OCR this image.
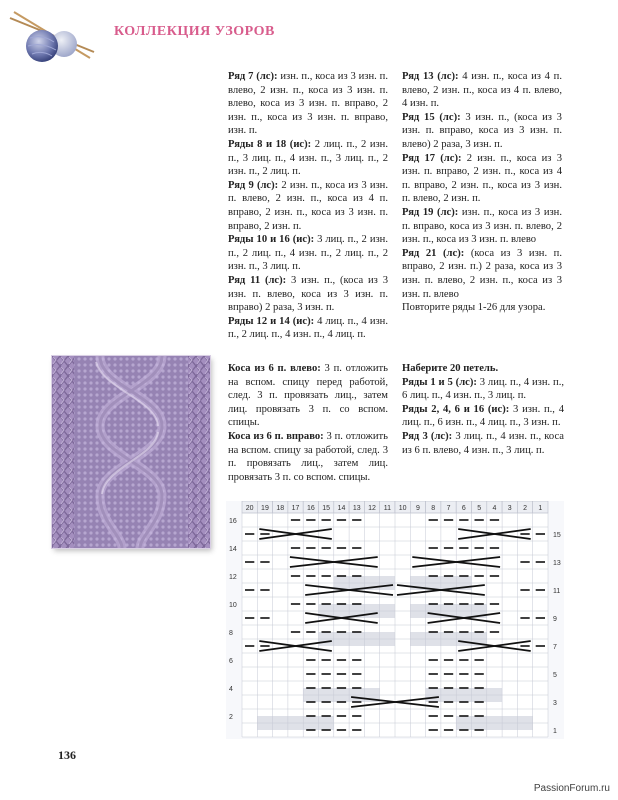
КОЛЛЕКЦИЯ УЗОРОВ

Ряд 7 (лс): изн. п., коса из 3 изн. п. влево, 2 изн. п., коса из 3 изн. п. влево, коса из 3 изн. п. вправо, 2 изн. п., коса из 3 изн. п. вправо, изн. п.

Ряды 8 и 18 (ис): 2 лиц. п., 2 изн. п., 3 лиц. п., 4 изн. п., 3 лиц. п., 2 изн. п., 2 лиц. п.

Ряд 9 (лс): 2 изн. п., коса из 3 изн. п. влево, 2 изн. п., коса из 4 п. вправо, 2 изн. п., коса из 3 изн. п. вправо, 2 изн. п.

Ряды 10 и 16 (ис): 3 лиц. п., 2 изн. п., 2 лиц. п., 4 изн. п., 2 лиц. п., 2 изн. п., 3 лиц. п.

Ряд 11 (лс): 3 изн. п., (коса из 3 изн. п. влево, коса из 3 изн. п. вправо) 2 раза, 3 изн. п.

Ряды 12 и 14 (ис): 4 лиц. п., 4 изн. п., 2 лиц. п., 4 изн. п., 4 лиц. п.

Ряд 13 (лс): 4 изн. п., коса из 4 п. влево, 2 изн. п., коса из 4 п. влево, 4 изн. п.

Ряд 15 (лс): 3 изн. п., (коса из 3 изн. п. вправо, коса из 3 изн. п. влево) 2 раза, 3 изн. п.

Ряд 17 (лс): 2 изн. п., коса из 3 изн. п. вправо, 2 изн. п., коса из 4 п. вправо, 2 изн. п., коса из 3 изн. п. влево, 2 изн. п.

Ряд 19 (лс): изн. п., коса из 3 изн. п. вправо, коса из 3 изн. п. влево, 2 изн. п., коса из 3 изн. п. влево

Ряд 21 (лс): (коса из 3 изн. п. вправо, 2 изн. п.) 2 раза, коса из 3 изн. п. влево, 2 изн. п., коса из 3 изн. п. влево

Повторите ряды 1-26 для узора.

Коса из 6 п. влево: 3 п. отложить на вспом. спицу перед работой, след. 3 п. провязать лиц., затем лиц. провязать 3 п. со вспом. спицы.

Коса из 6 п. вправо: 3 п. отложить на вспом. спицу за работой, след. 3 п. провязать лиц., затем лиц. провязать 3 п. со вспом. спицы.

Наберите 20 петель.

Ряды 1 и 5 (лс): 3 лиц. п., 4 изн. п., 6 лиц. п., 4 изн. п., 3 лиц. п.

Ряды 2, 4, 6 и 16 (ис): 3 изн. п., 4 лиц. п., 6 изн. п., 4 лиц. п., 3 изн. п.

Ряд 3 (лс): 3 лиц. п., 4 изн. п., коса из 6 п. влево, 4 изн. п., 3 лиц. п.

20 19 18 17 16 15 14 13 12 11 10 9 8 7 6 5 4 3 2 1
16
14
12
10
8
6
4
2
15
13
11
9
7
5
3
1
136
PassionForum.ru
